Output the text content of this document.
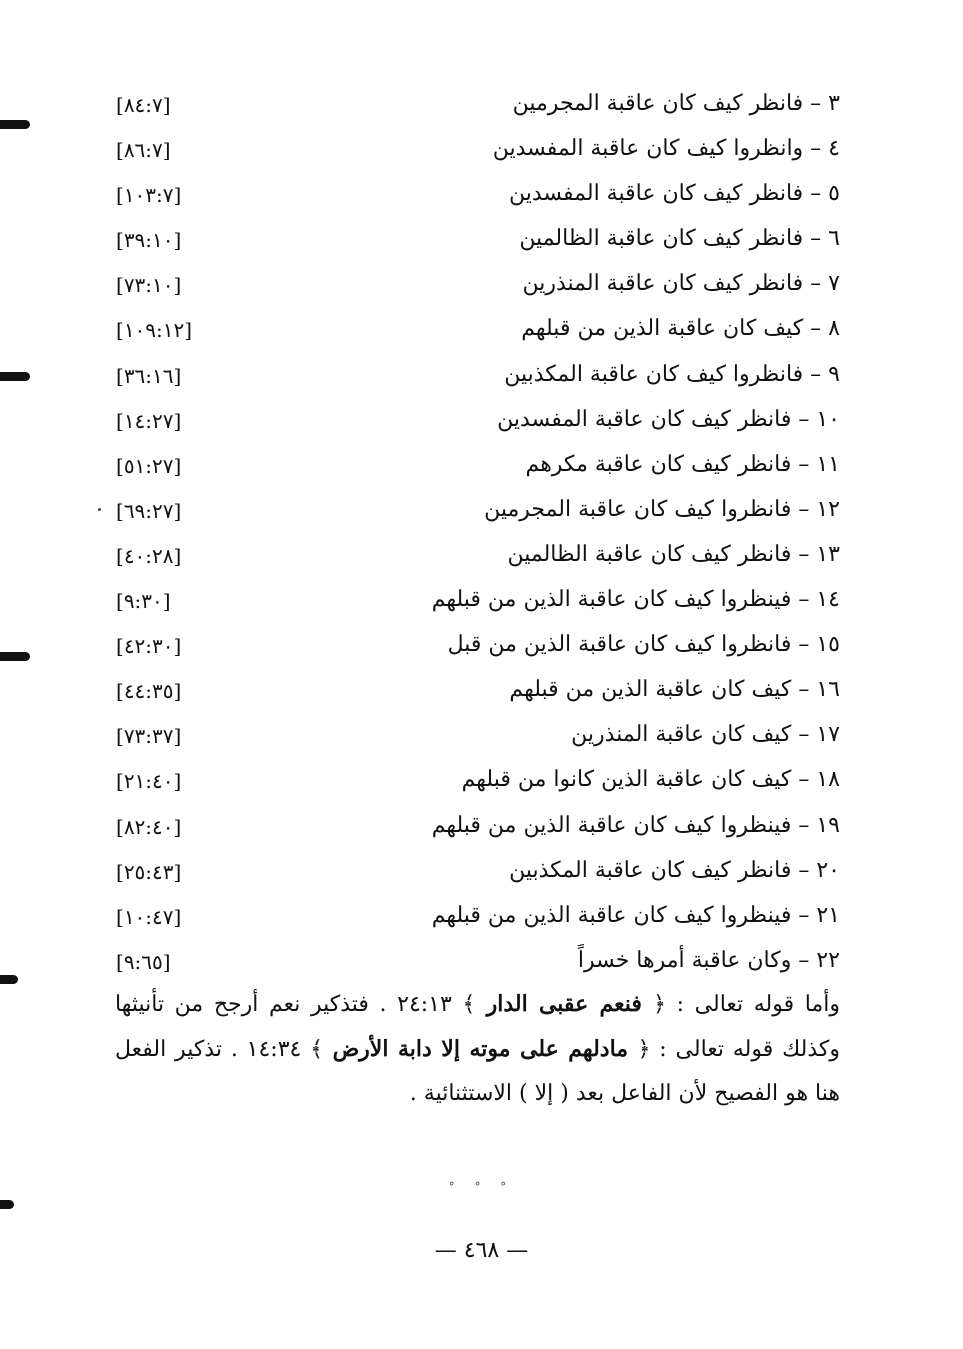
٣ – فانظر كيف كان عاقبة المجرمين
[٨٤:٧]
٤ – وانظروا كيف كان عاقبة المفسدين
[٨٦:٧]
٥ – فانظر كيف كان عاقبة المفسدين
[١٠٣:٧]
٦ – فانظر كيف كان عاقبة الظالمين
[٣٩:١٠]
٧ – فانظر كيف كان عاقبة المنذرين
[٧٣:١٠]
٨ – كيف كان عاقبة الذين من قبلهم
[١٠٩:١٢]
٩ – فانظروا كيف كان عاقبة المكذبين
[٣٦:١٦]
١٠ – فانظر كيف كان عاقبة المفسدين
[١٤:٢٧]
١١ – فانظر كيف كان عاقبة مكرهم
[٥١:٢٧]
١٢ – فانظروا كيف كان عاقبة المجرمين
[٦٩:٢٧]
١٣ – فانظر كيف كان عاقبة الظالمين
[٤٠:٢٨]
١٤ – فينظروا كيف كان عاقبة الذين من قبلهم
[٩:٣٠]
١٥ – فانظروا كيف كان عاقبة الذين من قبل
[٤٢:٣٠]
١٦ – كيف كان عاقبة الذين من قبلهم
[٤٤:٣٥]
١٧ – كيف كان عاقبة المنذرين
[٧٣:٣٧]
١٨ – كيف كان عاقبة الذين كانوا من قبلهم
[٢١:٤٠]
١٩ – فينظروا كيف كان عاقبة الذين من قبلهم
[٨٢:٤٠]
٢٠ – فانظر كيف كان عاقبة المكذبين
[٢٥:٤٣]
٢١ – فينظروا كيف كان عاقبة الذين من قبلهم
[١٠:٤٧]
٢٢ – وكان عاقبة أمرها خسراً
[٩:٦٥]

وأما قوله تعالى : ﴿ فنعم عقبى الدار ﴾ ٢٤:١٣ . فتذكير نعم أرجح من تأنيثها وكذلك قوله تعالى : ﴿ مادلهم على موته إلا دابة الأرض ﴾ ١٤:٣٤ . تذكير الفعل هنا هو الفصيح لأن الفاعل بعد ( إلا ) الاستثنائية .

° ° °
— ٤٦٨ —
